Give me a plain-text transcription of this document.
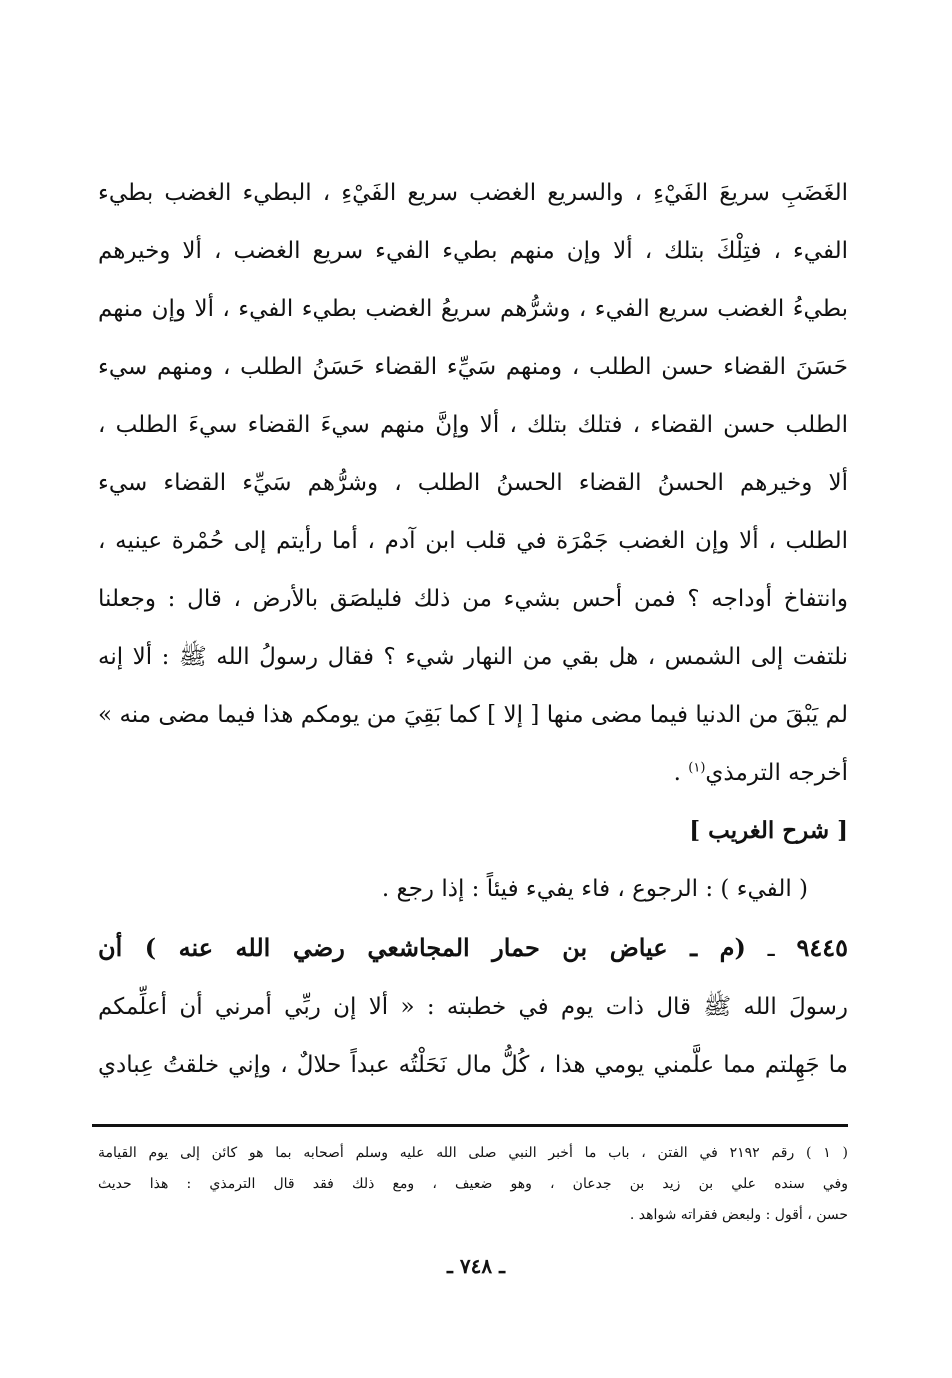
الغَضَبِ سريعَ الفَيْءِ ، والسريع الغضب سريع الفَيْءِ ، البطيء الغضب بطيء
الفيء ، فتِلْكَ بتلك ، ألا وإن منهم بطيء الفيء سريع الغضب ، ألا وخيرهم
بطيءُ الغضب سريع الفيء ، وشرُّهم سريعُ الغضب بطيء الفيء ، ألا وإن منهم
حَسَنَ القضاء حسن الطلب ، ومنهم سَيِّء القضاء حَسَنُ الطلب ، ومنهم سيء
الطلب حسن القضاء ، فتلك بتلك ، ألا وإنَّ منهم سيءَ القضاء سيءَ الطلب ،
ألا وخيرهم الحسنُ القضاء الحسنُ الطلب ، وشرُّهم سَيِّء القضاء سيء
الطلب ، ألا وإن الغضب جَمْرَة في قلب ابن آدم ، أما رأيتم إلى حُمْرة عينيه ،
وانتفاخ أوداجه ؟ فمن أحس بشيء من ذلك فليلصَق بالأرض ، قال : وجعلنا
نلتفت إلى الشمس ، هل بقي من النهار شيء ؟ فقال رسولُ الله ﷺ : ألا إنه
لم يَبْقَ من الدنيا فيما مضى منها [ إلا ] كما بَقِيَ من يومكم هذا فيما مضى منه »
أخرجه الترمذي$^{(١)}$ .
[ شرح الغريب ]
( الفيء ) : الرجوع ، فاء يفيء فيئاً : إذا رجع .
٩٤٤٥ ـ (م ـ عياض بن حمار المجاشعي رضي الله عنه ) أن
رسولَ الله ﷺ قال ذات يوم في خطبته : « ألا إن ربِّي أمرني أن أعلِّمكم
ما جَهِلتم مما علَّمني يومي هذا ، كُلُّ مال نَحَلْتُه عبداً حلالٌ ، وإني خلقتُ عِبادي
( ١ ) رقم ٢١٩٢ في الفتن ، باب ما أخبر النبي صلى الله عليه وسلم أصحابه بما هو كائن إلى يوم القيامة
وفي سنده علي بن زيد بن جدعان ، وهو ضعيف ، ومع ذلك فقد قال الترمذي : هذا حديث
حسن ، أقول : ولبعض فقراته شواهد .
ـ ٧٤٨ ـ
